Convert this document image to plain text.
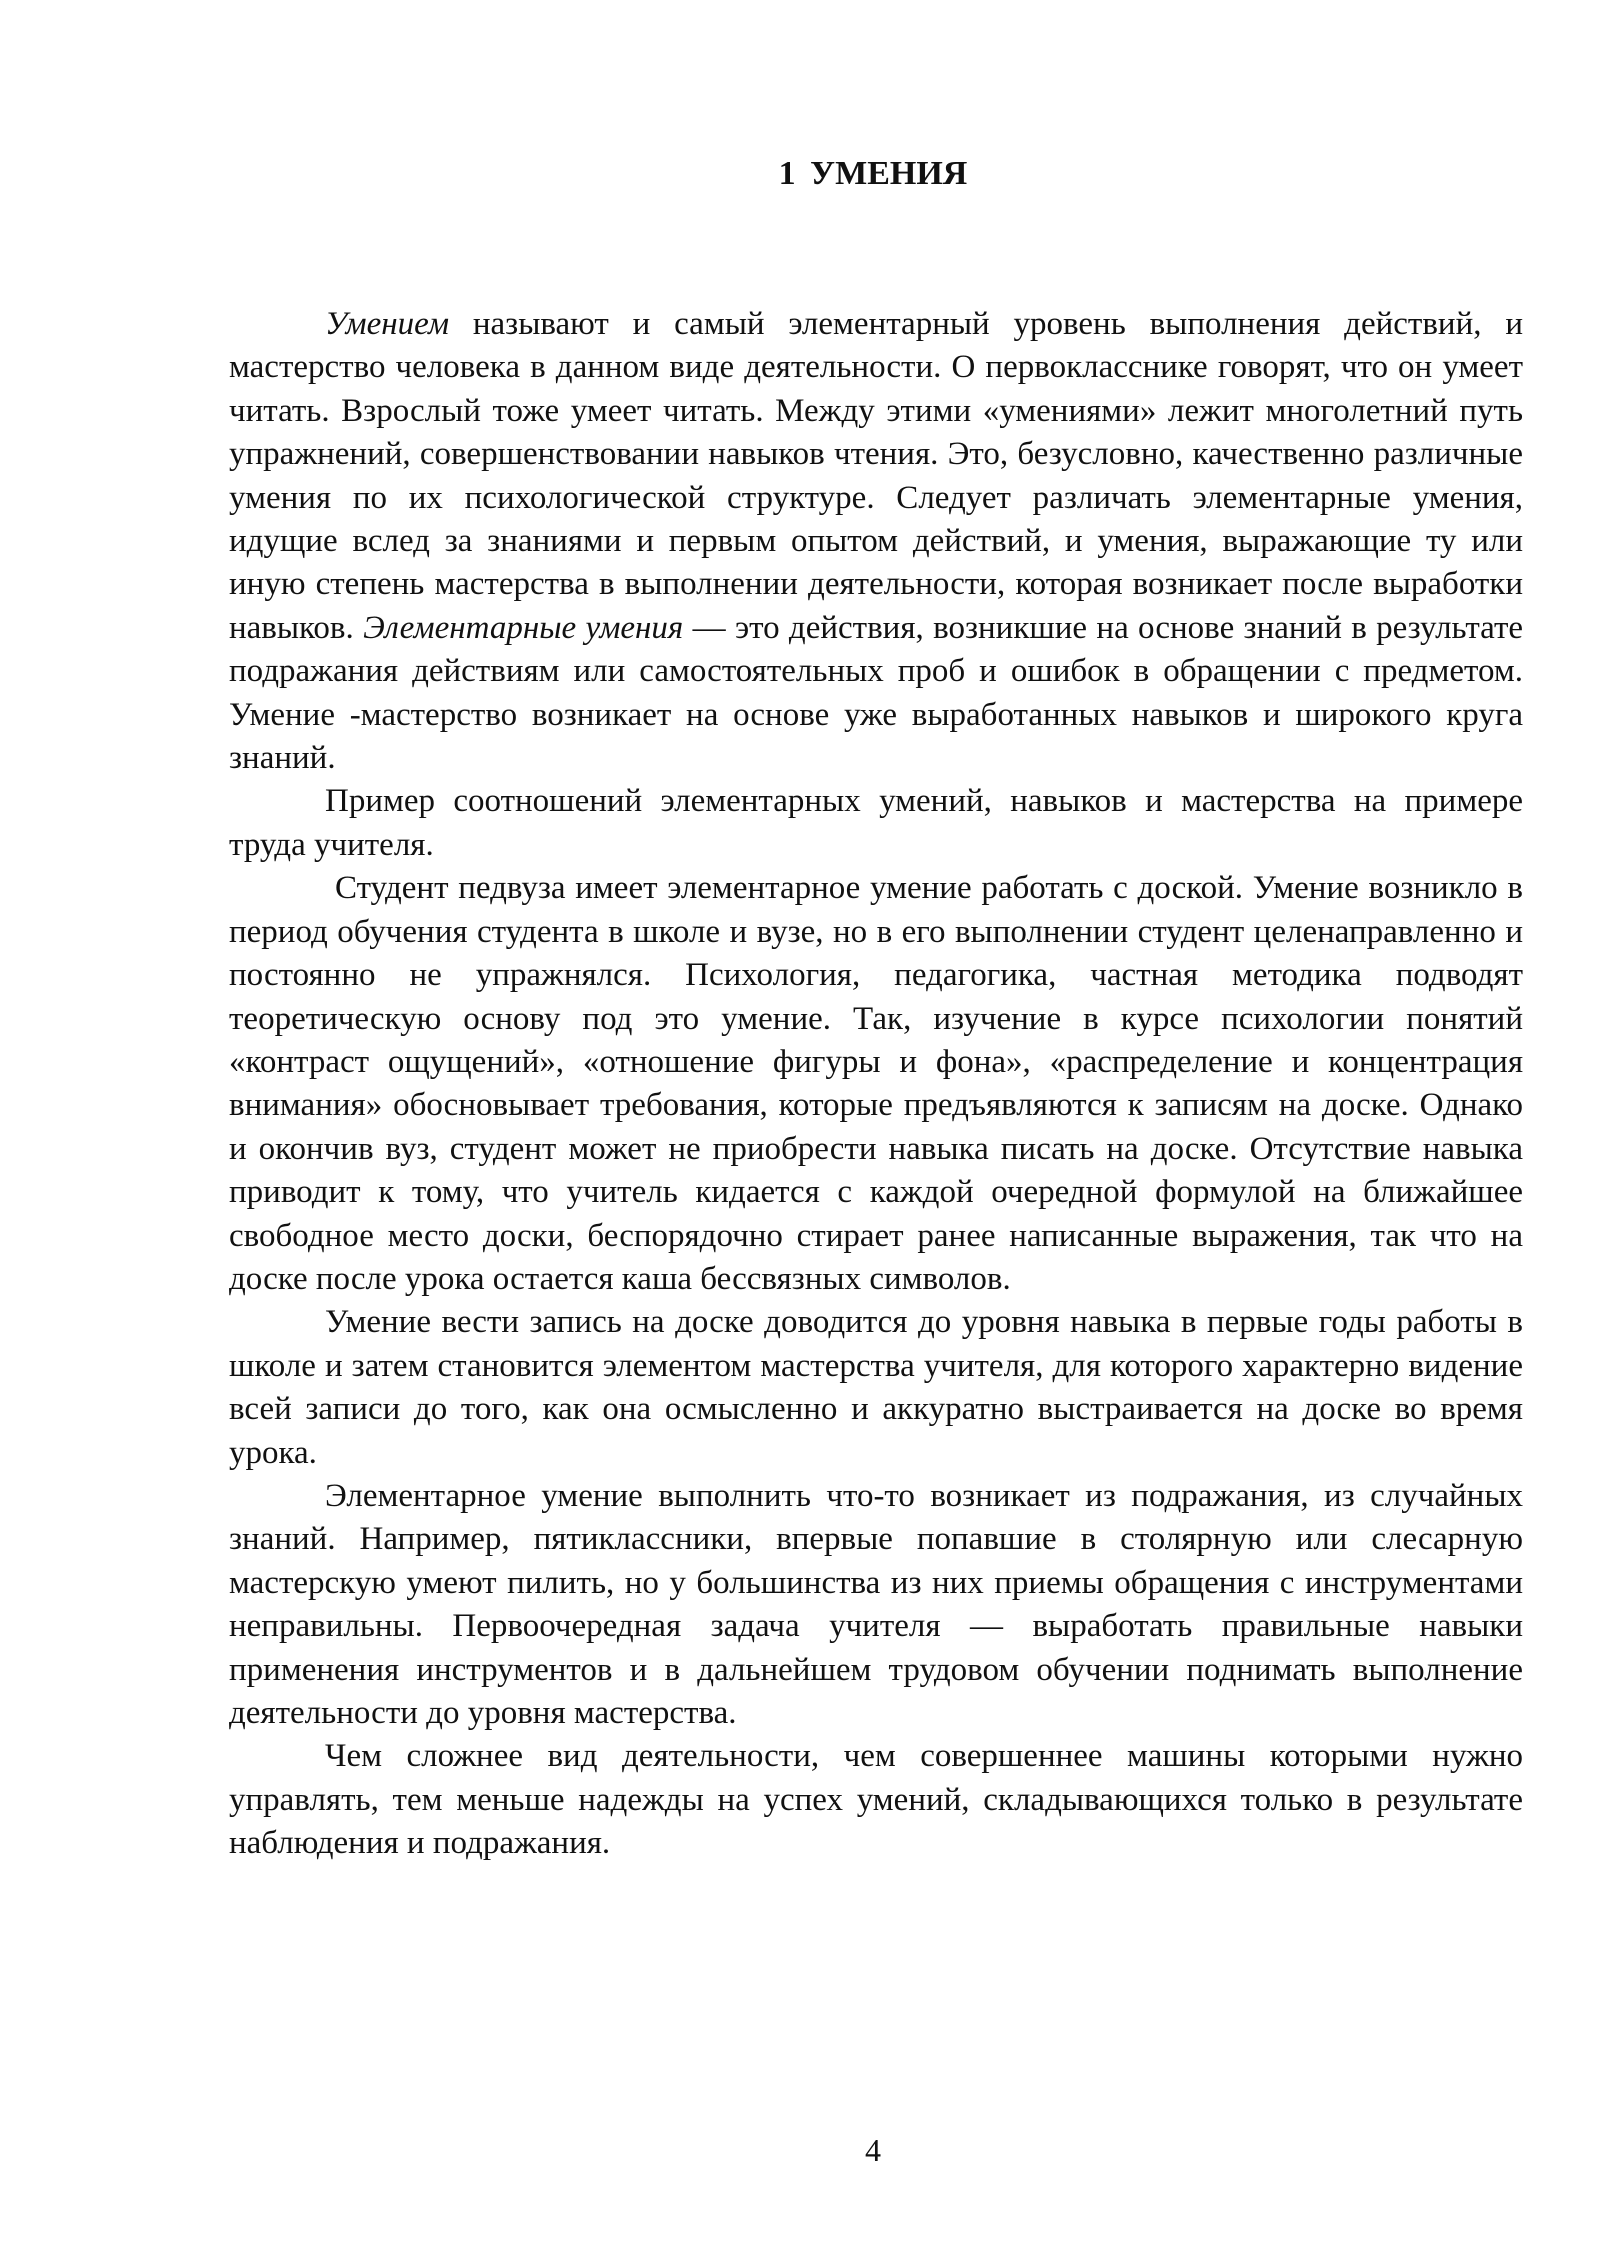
1 УМЕНИЯ

Умением называют и самый элементарный уровень выполнения действий, и мастерство человека в данном виде деятельности. О первокласснике говорят, что он умеет читать. Взрослый тоже умеет читать. Между этими «умениями» лежит многолетний путь упражнений, совершенствовании навыков чтения. Это, безусловно, качественно различные умения по их психологической структуре. Следует различать элементарные умения, идущие вслед за знаниями и первым опытом действий, и умения, выражающие ту или иную степень мастерства в выполнении деятельности, которая возникает после выработки навыков. Элементарные умения — это действия, возникшие на основе знаний в результате подражания действиям или самостоятельных проб и ошибок в обращении с предметом. Умение -мастерство возникает на основе уже выработанных навыков и широкого круга знаний.

Пример соотношений элементарных умений, навыков и мастерства на примере труда учителя.

Студент педвуза имеет элементарное умение работать с доской. Умение возникло в период обучения студента в школе и вузе, но в его выполнении студент целенаправленно и постоянно не упражнялся. Психология, педагогика, частная методика подводят теоретическую основу под это умение. Так, изучение в курсе психологии понятий «контраст ощущений», «отношение фигуры и фона», «распределение и концентрация внимания» обосновывает требования, которые предъявляются к записям на доске. Однако и окончив вуз, студент может не приобрести навыка писать на доске. Отсутствие навыка приводит к тому, что учитель кидается с каждой очередной формулой на ближайшее свободное место доски, беспорядочно стирает ранее написанные выражения, так что на доске после урока остается каша бессвязных символов.

Умение вести запись на доске доводится до уровня навыка в первые годы работы в школе и затем становится элементом мастерства учителя, для которого характерно видение всей записи до того, как она осмысленно и аккуратно выстраивается на доске во время урока.

Элементарное умение выполнить что-то возникает из подражания, из случайных знаний. Например, пятиклассники, впервые попавшие в столярную или слесарную мастерскую умеют пилить, но у большинства из них приемы обращения с инструментами неправильны. Первоочередная задача учителя — выработать правильные навыки применения инструментов и в дальнейшем трудовом обучении поднимать выполнение деятельности до уровня мастерства.

Чем сложнее вид деятельности, чем совершеннее машины которыми нужно управлять, тем меньше надежды на успех умений, складывающихся только в результате наблюдения и подражания.

4
